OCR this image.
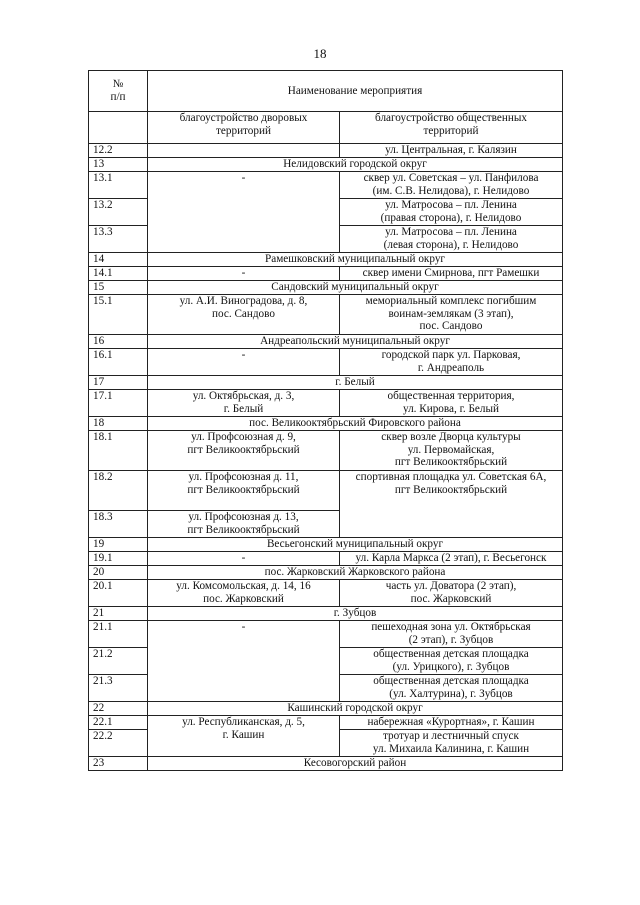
18
№
п/п	Наименование мероприятия	
	благоустройство дворовых
территорий	благоустройство общественных
территорий
12.2		ул. Центральная, г. Калязин
13	Нелидовский городской округ	
13.1	-	сквер ул. Советская – ул. Панфилова
(им. С.В. Нелидова), г. Нелидово
13.2		ул. Матросова – пл. Ленина
(правая сторона), г. Нелидово
13.3		ул. Матросова – пл. Ленина
(левая сторона), г. Нелидово
14	Рамешковский муниципальный округ	
14.1	-	сквер имени Смирнова, пгт Рамешки
15	Сандовский муниципальный округ	
15.1	ул. А.И. Виноградова, д. 8,
пос. Сандово	мемориальный комплекс погибшим
воинам-землякам (3 этап),
пос. Сандово
16	Андреапольский муниципальный округ	
16.1	-	городской парк ул. Парковая,
г. Андреаполь
17	г. Белый	
17.1	ул. Октябрьская, д. 3,
г. Белый	общественная территория,
ул. Кирова, г. Белый
18	пос. Великооктябрьский Фировского района	
18.1	ул. Профсоюзная д. 9,
пгт Великооктябрьский	сквер возле Дворца культуры
ул. Первомайская,
пгт Великооктябрьский
18.2	ул. Профсоюзная д. 11,
пгт Великооктябрьский	спортивная площадка ул. Советская 6А,
пгт Великооктябрьский
18.3	ул. Профсоюзная д. 13,
пгт Великооктябрьский	
19	Весьегонский муниципальный округ	
19.1	-	ул. Карла Маркса (2 этап), г. Весьегонск
20	пос. Жарковский Жарковского района	
20.1	ул. Комсомольская, д. 14, 16
пос. Жарковский	часть ул. Доватора (2 этап),
пос. Жарковский
21	г. Зубцов	
21.1	-	пешеходная зона ул. Октябрьская
(2 этап), г. Зубцов
21.2		общественная детская площадка
(ул. Урицкого), г. Зубцов
21.3		общественная детская площадка
(ул. Халтурина), г. Зубцов
22	Кашинский городской округ	
22.1	ул. Республиканская, д. 5,
г. Кашин	набережная «Курортная», г. Кашин
22.2		тротуар и лестничный спуск
ул. Михаила Калинина, г. Кашин
23	Кесовогорский район	
